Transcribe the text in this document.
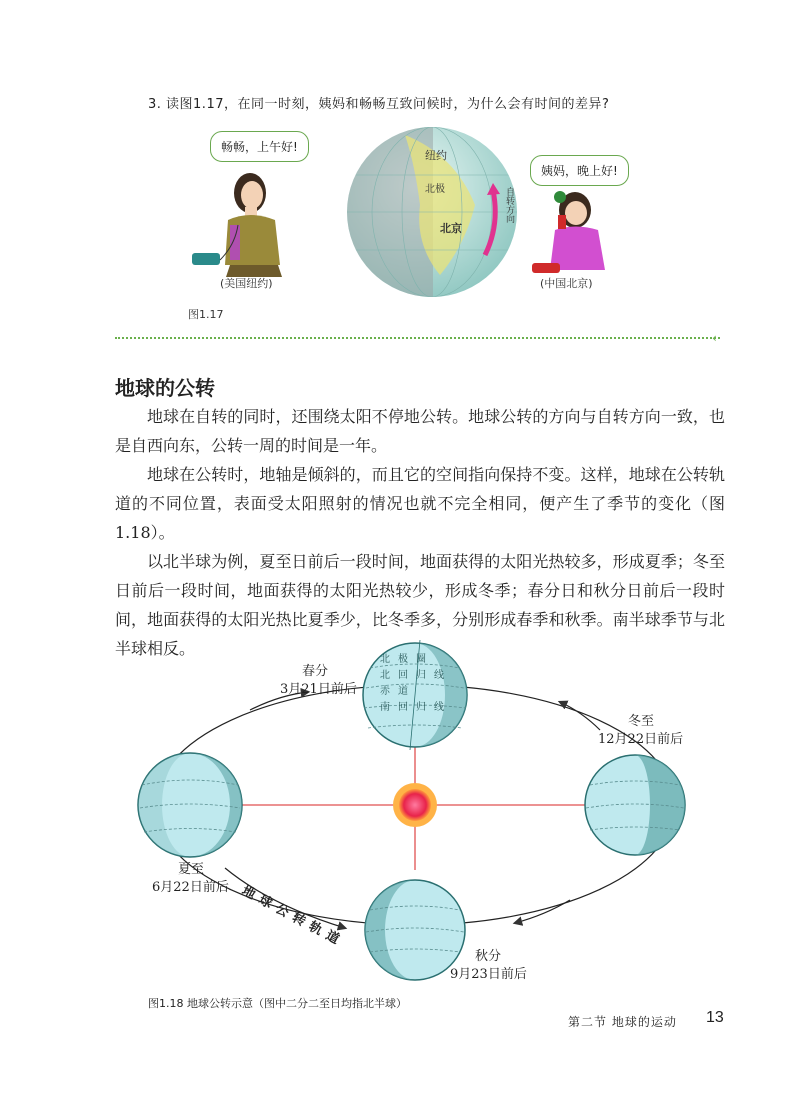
3. 读图1.17，在同一时刻，姨妈和畅畅互致问候时，为什么会有时间的差异?
畅畅，上午好!
姨妈，晚上好!
纽约
北极
北京
自转方向
(美国纽约)	(中国北京)
图1.17
‹
地球的公转
地球在自转的同时，还围绕太阳不停地公转。地球公转的方向与自转方向一致，也是自西向东，公转一周的时间是一年。
地球在公转时，地轴是倾斜的，而且它的空间指向保持不变。这样，地球在公转轨道的不同位置，表面受太阳照射的情况也就不完全相同，便产生了季节的变化（图1.18）。
以北半球为例，夏至日前后一段时间，地面获得的太阳光热较多，形成夏季；冬至日前后一段时间，地面获得的太阳光热较少，形成冬季；春分日和秋分日前后一段时间，地面获得的太阳光热比夏季少，比冬季多，分别形成春季和秋季。南半球季节与北半球相反。
北极圈
北回归线
赤道
南回归线
春分
3月21日前后
冬至
12月22日前后
夏至
6月22日前后
秋分
9月23日前后
地球公转轨道
图1.18 地球公转示意（图中二分二至日均指北半球）
第二节 地球的运动 13
